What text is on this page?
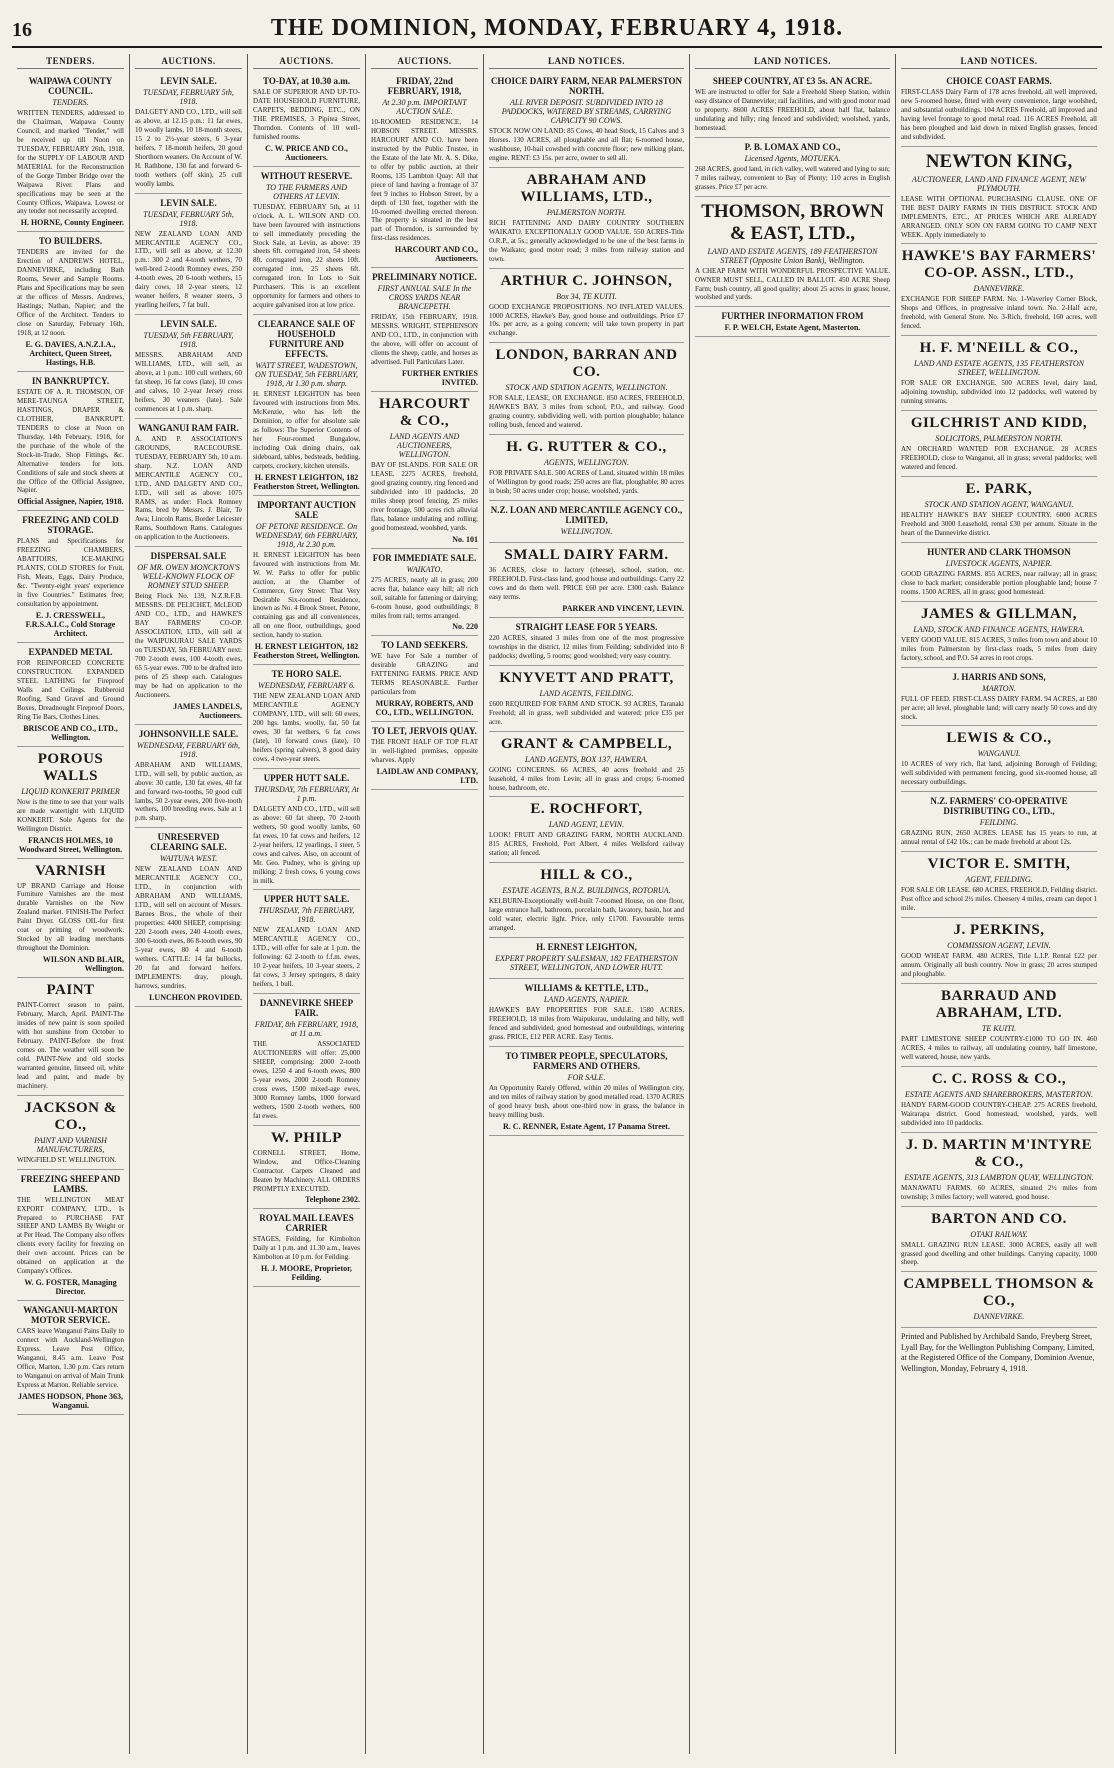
16	THE DOMINION, MONDAY, FEBRUARY 4, 1918.
TENDERS.
WAIPAWA COUNTY COUNCIL.
TENDERS.
WRITTEN TENDERS, addressed to the Chairman, Waipawa County Council, and marked "Tender," will be received up till Noon on TUESDAY, FEBRUARY 26th, 1918, for the SUPPLY OF LABOUR AND MATERIAL for the Reconstruction of the Gorge Timber Bridge over the Waipawa River. Plans and specifications may be seen at the County Offices, Waipawa. Lowest or any tender not necessarily accepted.
H. HORNE, County Engineer.
TO BUILDERS.
TENDERS are invited for the Erection of ANDREWS HOTEL, DANNEVIRKE, including Bath Rooms, Sewer and Sample Rooms. Plans and Specifications may be seen at the offices of Messrs. Andrews, Hastings; Nathan, Napier; and the Office of the Architect. Tenders to close on Saturday, February 16th, 1918, at 12 noon.
E. G. DAVIES, A.N.Z.I.A., Architect, Queen Street, Hastings, H.B.
IN BANKRUPTCY.
ESTATE OF A. R. THOMSON, OF MERE-TAUNGA STREET, HASTINGS, DRAPER & CLOTHIER, BANKRUPT. TENDERS to close at Noon on Thursday, 14th February, 1918, for the purchase of the whole of the Stock-in-Trade, Shop Fittings, &c. Alternative tenders for lots. Conditions of sale and stock sheets at the Office of the Official Assignee, Napier.
Official Assignee, Napier, 1918.
FREEZING AND COLD STORAGE.
PLANS and Specifications for FREEZING CHAMBERS, ABATTOIRS, ICE-MAKING PLANTS, COLD STORES for Fruit, Fish, Meats, Eggs, Dairy Produce, &c. "Twenty-eight years' experience in five Countries." Estimates free; consultation by appointment.
E. J. CRESSWELL, F.R.S.A.I.C., Cold Storage Architect.
EXPANDED METAL
FOR REINFORCED CONCRETE CONSTRUCTION. EXPANDED STEEL LATHING for Fireproof Walls and Ceilings. Rubberoid Roofing, Sand Gravel and Ground Boxes, Dreadnought Fireproof Doors, Ring Tie Bars, Clothes Lines.
BRISCOE AND CO., LTD., Wellington.
POROUS WALLS
LIQUID KONKERIT PRIMER
Now is the time to see that your walls are made watertight with LIQUID KONKERIT. Sole Agents for the Wellington District.
FRANCIS HOLMES, 10 Woodward Street, Wellington.
VARNISH
UP BRAND Carriage and House Furniture Varnishes are the most durable Varnishes on the New Zealand market. FINISH-The Perfect Paint Dryer. GLOSS OIL-for first coat or priming of woodwork. Stocked by all leading merchants throughout the Dominion.
WILSON AND BLAIR, Wellington.
PAINT
PAINT-Correct season to paint, February, March, April. PAINT-The insides of new paint is soon spoiled with hot sunshine from October to February. PAINT-Before the frost comes on. The weather will soon be cold. PAINT-New and old stocks warranted genuine, linseed oil, white lead and paint, and made by machinery.
JACKSON & CO.,
PAINT AND VARNISH MANUFACTURERS,
WINGFIELD ST. WELLINGTON.
FREEZING SHEEP AND LAMBS.
THE WELLINGTON MEAT EXPORT COMPANY, LTD., Is Prepared to PURCHASE FAT SHEEP AND LAMBS By Weight or at Per Head. The Company also offers clients every facility for freezing on their own account. Prices can be obtained on application at the Company's Offices.
W. G. FOSTER, Managing Director.
WANGANUI-MARTON MOTOR SERVICE.
CARS leave Wanganui Pains Daily to connect with Auckland-Wellington Express. Leave Post Office, Wanganui, 8.45 a.m. Leave Post Office, Marton, 1.30 p.m. Cars return to Wanganui on arrival of Main Trunk Express at Marton. Reliable service.
JAMES HODSON, Phone 363, Wanganui.
AUCTIONS.
LEVIN SALE.
TUESDAY, FEBRUARY 5th, 1918.
DALGETY AND CO., LTD., will sell as above, at 12.15 p.m.: 11 fat ewes, 10 woolly lambs, 10 18-month steers, 15 2 to 2½-year steers, 6 3-year heifers, 7 18-month heifers, 20 good Shorthorn weaners. On Account of W. H. Rathbone, 130 fat and forward 6-tooth wethers (off skin), 25 cull woolly lambs.
LEVIN SALE.
TUESDAY, FEBRUARY 5th, 1918.
NEW ZEALAND LOAN AND MERCANTILE AGENCY CO., LTD., will sell as above, at 12.30 p.m.: 300 2 and 4-tooth wethers, 70 well-bred 2-tooth Romney ewes, 250 4-tooth ewes, 20 6-tooth wethers, 15 dairy cows, 18 2-year steers, 12 weaner heifers, 8 weaner steers, 3 yearling heifers, 7 fat bull.
LEVIN SALE.
TUESDAY, 5th FEBRUARY, 1918.
MESSRS. ABRAHAM AND WILLIAMS, LTD., will sell, as above, at 1 p.m.: 100 cull wethers, 60 fat sheep, 16 fat cows (late), 10 cows and calves, 10 2-year Jersey cross heifers, 30 weaners (late). Sale commences at 1 p.m. sharp.
WANGANUI RAM FAIR.
A. AND P. ASSOCIATION'S GROUNDS, RACECOURSE. TUESDAY, FEBRUARY 5th, 10 a.m. sharp. N.Z. LOAN AND MERCANTILE AGENCY CO., LTD., AND DALGETY AND CO., LTD., will sell as above: 1075 RAMS, as under: Flock Romney Rams, bred by Messrs. J. Blair, Te Awa; Lincoln Rams, Border Leicester Rams, Southdown Rams. Catalogues on application to the Auctioneers.
DISPERSAL SALE
OF MR. OWEN MONCKTON'S WELL-KNOWN FLOCK OF ROMNEY STUD SHEEP.
Being Flock No. 139, N.Z.R.F.B. MESSRS. DE PELICHET, McLEOD AND CO., LTD., and HAWKE'S BAY FARMERS' CO-OP. ASSOCIATION, LTD., will sell at the WAIPUKURAU SALE YARDS on TUESDAY, 5th FEBRUARY next: 700 2-tooth ewes, 100 4-tooth ewes, 65 5-year ewes. 700 to be drafted into pens of 25 sheep each. Catalogues may be had on application to the Auctioneers.
JAMES LANDELS, Auctioneers.
JOHNSONVILLE SALE.
WEDNESDAY, FEBRUARY 6th, 1918.
ABRAHAM AND WILLIAMS, LTD., will sell, by public auction, as above: 30 cattle, 130 fat ewes, 40 fat and forward two-tooths, 50 good cull lambs, 50 2-year ewes, 200 five-tooth wethers, 100 breeding ewes. Sale at 1 p.m. sharp.
UNRESERVED CLEARING SALE.
WAITUNA WEST.
NEW ZEALAND LOAN AND MERCANTILE AGENCY CO., LTD., in conjunction with ABRAHAM AND WILLIAMS, LTD., will sell on account of Messrs. Barnes Bros., the whole of their properties: 4400 SHEEP, comprising: 220 2-tooth ewes, 240 4-tooth ewes, 300 6-tooth ewes, 86 8-tooth ewes, 90 5-year ewes, 80 4 and 6-tooth wethers. CATTLE: 14 fat bullocks, 20 fat and forward heifers. IMPLEMENTS: dray, plough, harrows, sundries.
LUNCHEON PROVIDED.
AUCTIONS.
TO-DAY, at 10.30 a.m.
SALE OF SUPERIOR AND UP-TO-DATE HOUSEHOLD FURNITURE, CARPETS, BEDDING, ETC., ON THE PREMISES, 3 Pipitea Street, Thorndon. Contents of 10 well-furnished rooms.
C. W. PRICE AND CO., Auctioneers.
WITHOUT RESERVE.
TO THE FARMERS AND OTHERS AT LEVIN.
TUESDAY, FEBRUARY 5th, at 11 o'clock. A. L. WILSON AND CO. have been favoured with instructions to sell immediately preceding the Stock Sale, at Levin, as above: 39 sheets 6ft. corrugated iron, 54 sheets 8ft. corrugated iron, 22 sheets 10ft. corrugated iron, 25 sheets 6ft. corrugated iron. In Lots to Suit Purchasers. This is an excellent opportunity for farmers and others to acquire galvanised iron at low price.
CLEARANCE SALE OF HOUSEHOLD FURNITURE AND EFFECTS.
WATT STREET, WADESTOWN, ON TUESDAY, 5th FEBRUARY, 1918, At 1.30 p.m. sharp.
H. ERNEST LEIGHTON has been favoured with instructions from Mrs. McKenzie, who has left the Dominion, to offer for absolute sale as follows: The Superior Contents of her Four-roomed Bungalow, including Oak dining chairs, oak sideboard, tables, bedsteads, bedding, carpets, crockery, kitchen utensils.
H. ERNEST LEIGHTON, 182 Featherston Street, Wellington.
IMPORTANT AUCTION SALE
OF PETONE RESIDENCE. On WEDNESDAY, 6th FEBRUARY, 1918, At 2.30 p.m.
H. ERNEST LEIGHTON has been favoured with instructions from Mr. W. W. Parks to offer for public auction, at the Chamber of Commerce, Grey Street: That Very Desirable Six-roomed Residence, known as No. 4 Brook Street, Petone, containing gas and all conveniences, all on one floor, outbuildings, good section, handy to station.
H. ERNEST LEIGHTON, 182 Featherston Street, Wellington.
TE HORO SALE.
WEDNESDAY, FEBRUARY 6.
THE NEW ZEALAND LOAN AND MERCANTILE AGENCY COMPANY, LTD., will sell: 60 ewes, 200 hgs. lambs, woolly, fat, 50 fat ewes, 30 fat wethers, 6 fat cows (late), 10 forward cows (late), 10 heifers (spring calvers), 8 good dairy cows, 4 two-year steers.
UPPER HUTT SALE.
THURSDAY, 7th FEBRUARY, At 1 p.m.
DALGETY AND CO., LTD., will sell as above: 60 fat sheep, 70 2-tooth wethers, 50 good woolly lambs, 60 fat ewes, 10 fat cows and heifers, 12 2-year heifers, 12 yearlings, 1 steer, 5 cows and calves. Also, on account of Mr. Geo. Pudney, who is giving up milking: 2 fresh cows, 6 young cows in milk.
UPPER HUTT SALE.
THURSDAY, 7th FEBRUARY, 1918.
NEW ZEALAND LOAN AND MERCANTILE AGENCY CO., LTD., will offer for sale at 1 p.m. the following: 62 2-tooth to f.f.m. ewes, 10 2-year heifers, 10 3-year steers, 2 fat cows, 3 Jersey springers, 8 dairy heifers, 1 bull.
DANNEVIRKE SHEEP FAIR.
FRIDAY, 8th FEBRUARY, 1918, at 11 a.m.
THE ASSOCIATED AUCTIONEERS will offer: 25,000 SHEEP, comprising: 2000 2-tooth ewes, 1250 4 and 6-tooth ewes, 800 5-year ewes, 2000 2-tooth Romney cross ewes, 1500 mixed-age ewes, 3000 Romney lambs, 1000 forward wethers, 1500 2-tooth wethers, 600 fat ewes.
W. PHILP
CORNELL STREET, Home, Window, and Office-Cleaning Contractor. Carpets Cleaned and Beaten by Machinery. ALL ORDERS PROMPTLY EXECUTED.
Telephone 2302.
ROYAL MAIL LEAVES CARRIER
STAGES, Feilding, for Kimbolton Daily at 1 p.m. and 11.30 a.m., leaves Kimbolton at 10 p.m. for Feilding.
H. J. MOORE, Proprietor, Feilding.
AUCTIONS.
FRIDAY, 22nd FEBRUARY, 1918,
At 2.30 p.m. IMPORTANT AUCTION SALE.
10-ROOMED RESIDENCE, 14 HOBSON STREET. MESSRS. HARCOURT AND CO. have been instructed by the Public Trustee, in the Estate of the late Mr. A. S. Dike, to offer by public auction, at their Rooms, 135 Lambton Quay: All that piece of land having a frontage of 37 feet 9 inches to Hobson Street, by a depth of 130 feet, together with the 10-roomed dwelling erected thereon. The property is situated in the best part of Thorndon, is surrounded by first-class residences.
HARCOURT AND CO., Auctioneers.
PRELIMINARY NOTICE.
FIRST ANNUAL SALE In the CROSS YARDS NEAR BRANCEPETH.
FRIDAY, 15th FEBRUARY, 1918. MESSRS. WRIGHT, STEPHENSON AND CO., LTD., in conjunction with the above, will offer on account of clients the sheep, cattle, and horses as advertised. Full Particulars Later.
FURTHER ENTRIES INVITED.
HARCOURT & CO.,
LAND AGENTS AND AUCTIONEERS, WELLINGTON.
BAY OF ISLANDS. FOR SALE OR LEASE. 2275 ACRES, freehold, good grazing country, ring fenced and subdivided into 10 paddocks, 20 miles sheep proof fencing, 25 miles river frontage, 500 acres rich alluvial flats, balance undulating and rolling; good homestead, woolshed, yards.
No. 101
FOR IMMEDIATE SALE.
WAIKATO.
275 ACRES, nearly all in grass; 200 acres flat, balance easy hill; all rich soil, suitable for fattening or dairying; 6-room house, good outbuildings; 8 miles from rail; terms arranged.
No. 220
TO LAND SEEKERS.
WE have For Sale a number of desirable GRAZING and FATTENING FARMS. PRICE AND TERMS REASONABLE. Further particulars from
MURRAY, ROBERTS, AND CO., LTD., WELLINGTON.
TO LET, JERVOIS QUAY.
THE FRONT HALF OF TOP FLAT in well-lighted premises, opposite wharves. Apply
LAIDLAW AND COMPANY, LTD.
LAND NOTICES.
CHOICE DAIRY FARM, NEAR PALMERSTON NORTH.
ALL RIVER DEPOSIT. SUBDIVIDED INTO 18 PADDOCKS, WATERED BY STREAMS, CARRYING CAPACITY 90 COWS.
STOCK NOW ON LAND: 85 Cows, 40 head Stock, 15 Calves and 3 Horses. 130 ACRES, all ploughable and all flat; 6-roomed house, washhouse, 10-bail cowshed with concrete floor; new milking plant, engine. RENT: £3 15s. per acre, owner to sell all.
ABRAHAM AND WILLIAMS, LTD.,
PALMERSTON NORTH.
RICH FATTENING AND DAIRY COUNTRY SOUTHERN WAIKATO. EXCEPTIONALLY GOOD VALUE. 550 ACRES-Title O.R.P., at 5s.; generally acknowledged to be one of the best farms in the Waikato; good motor road; 3 miles from railway station and town.
ARTHUR C. JOHNSON,
Box 34, TE KUITI.
GOOD EXCHANGE PROPOSITIONS. NO INFLATED VALUES. 1000 ACRES, Hawke's Bay, good house and outbuildings. Price £7 10s. per acre, as a going concern; will take town property in part exchange.
LONDON, BARRAN AND CO.
STOCK AND STATION AGENTS, WELLINGTON.
FOR SALE, LEASE, OR EXCHANGE. 850 ACRES, FREEHOLD, HAWKE'S BAY, 3 miles from school, P.O., and railway. Good grazing country, subdividing well, with portion ploughable; balance rolling bush, fenced and watered.
H. G. RUTTER & CO.,
AGENTS, WELLINGTON.
FOR PRIVATE SALE. 500 ACRES of Land, situated within 18 miles of Wellington by good roads; 250 acres are flat, ploughable; 80 acres in bush; 50 acres under crop; house, woolshed, yards.
N.Z. LOAN AND MERCANTILE AGENCY CO., LIMITED,
WELLINGTON.
SMALL DAIRY FARM.
36 ACRES, close to factory (cheese), school, station, etc. FREEHOLD. First-class land, good house and outbuildings. Carry 22 cows and do them well. PRICE £60 per acre. £300 cash. Balance easy terms.
PARKER AND VINCENT, LEVIN.
STRAIGHT LEASE FOR 5 YEARS.
220 ACRES, situated 3 miles from one of the most progressive townships in the district, 12 miles from Feilding; subdivided into 8 paddocks; dwelling, 5 rooms; good woolshed; very easy country.
KNYVETT AND PRATT,
LAND AGENTS, FEILDING.
£600 REQUIRED FOR FARM AND STOCK. 93 ACRES, Taranaki Freehold; all in grass, well subdivided and watered; price £35 per acre.
GRANT & CAMPBELL,
LAND AGENTS, BOX 137, HAWERA.
GOING CONCERNS. 66 ACRES, 40 acres freehold and 25 leasehold, 4 miles from Levin; all in grass and crops; 6-roomed house, bathroom, etc.
E. ROCHFORT,
LAND AGENT, LEVIN.
LOOK! FRUIT AND GRAZING FARM, NORTH AUCKLAND. 815 ACRES, Freehold, Port Albert, 4 miles Wellsford railway station; all fenced.
HILL & CO.,
ESTATE AGENTS, B.N.Z. BUILDINGS, ROTORUA.
KELBURN-Exceptionally well-built 7-roomed House, on one floor, large entrance hall, bathroom, porcelain bath, lavatory, basin, hot and cold water, electric light. Price, only £1700. Favourable terms arranged.
H. ERNEST LEIGHTON,
EXPERT PROPERTY SALESMAN, 182 FEATHERSTON STREET, WELLINGTON, AND LOWER HUTT.
WILLIAMS & KETTLE, LTD.,
LAND AGENTS, NAPIER.
HAWKE'S BAY PROPERTIES FOR SALE. 1580 ACRES, FREEHOLD, 18 miles from Waipukurau, undulating and hilly, well fenced and subdivided, good homestead and outbuildings, wintering grass. PRICE, £12 PER ACRE. Easy Terms.
TO TIMBER PEOPLE, SPECULATORS, FARMERS AND OTHERS.
FOR SALE.
An Opportunity Rarely Offered, within 20 miles of Wellington city, and ten miles of railway station by good metalled road. 1370 ACRES of good heavy bush, about one-third now in grass, the balance in heavy milling bush.
R. C. RENNER, Estate Agent, 17 Panama Street.
LAND NOTICES.
SHEEP COUNTRY, AT £3 5s. AN ACRE.
WE are instructed to offer for Sale a Freehold Sheep Station, within easy distance of Dannevirke; rail facilities, and with good motor road to property. 8600 ACRES FREEHOLD, about half flat, balance undulating and hilly; ring fenced and subdivided; woolshed, yards, homestead.
P. B. LOMAX AND CO.,
Licensed Agents, MOTUEKA.
268 ACRES, good land, in rich valley, well watered and lying to sun; 7 miles railway, convenient to Bay of Plenty; 110 acres in English grasses. Price £7 per acre.
THOMSON, BROWN & EAST, LTD.,
LAND AND ESTATE AGENTS, 189 FEATHERSTON STREET (Opposite Union Bank), Wellington.
A CHEAP FARM WITH WONDERFUL PROSPECTIVE VALUE. OWNER MUST SELL, CALLED IN BALLOT. 450 ACRE Sheep Farm; bush country, all good quality; about 25 acres in grass; house, woolshed and yards.
FURTHER INFORMATION FROM
F. P. WELCH, Estate Agent, Masterton.
LAND NOTICES.
CHOICE COAST FARMS.
FIRST-CLASS Dairy Farm of 178 acres freehold, all well improved, new 5-roomed house, fitted with every convenience, large woolshed, and substantial outbuildings. 104 ACRES Freehold, all improved and having level frontage to good metal road. 116 ACRES Freehold, all has been ploughed and laid down in mixed English grasses, fenced and subdivided.
NEWTON KING,
AUCTIONEER, LAND AND FINANCE AGENT, NEW PLYMOUTH.
LEASE WITH OPTIONAL PURCHASING CLAUSE. ONE OF THE BEST DAIRY FARMS IN THIS DISTRICT. STOCK AND IMPLEMENTS, ETC., AT PRICES WHICH ARE ALREADY ARRANGED. ONLY SON ON FARM GOING TO CAMP NEXT WEEK. Apply immediately to
HAWKE'S BAY FARMERS' CO-OP. ASSN., LTD.,
DANNEVIRKE.
EXCHANGE FOR SHEEP FARM. No. 1-Waverley Corner Block, Shops and Offices, in progressive inland town. No. 2-Half acre, freehold, with General Store. No. 3-Rich, freehold, 160 acres, well fenced.
H. F. M'NEILL & CO.,
LAND AND ESTATE AGENTS, 135 FEATHERSTON STREET, WELLINGTON.
FOR SALE OR EXCHANGE. 500 ACRES level, dairy land, adjoining township, subdivided into 12 paddocks, well watered by running streams.
GILCHRIST AND KIDD,
SOLICITORS, PALMERSTON NORTH.
AN ORCHARD WANTED FOR EXCHANGE. 28 ACRES FREEHOLD, close to Wanganui, all in grass; several paddocks; well watered and fenced.
E. PARK,
STOCK AND STATION AGENT, WANGANUI.
HEALTHY HAWKE'S BAY SHEEP COUNTRY. 6000 ACRES Freehold and 3000 Leasehold, rental £30 per annum. Situate in the heart of the Dannevirke district.
HUNTER AND CLARK THOMSON
LIVESTOCK AGENTS, NAPIER.
GOOD GRAZING FARMS. 855 ACRES, near railway; all in grass; close to back market; considerable portion ploughable land; house 7 rooms. 1500 ACRES, all in grass; good homestead.
JAMES & GILLMAN,
LAND, STOCK AND FINANCE AGENTS, HAWERA.
VERY GOOD VALUE. 815 ACRES, 3 miles from town and about 10 miles from Palmerston by first-class roads, 5 miles from dairy factory, school, and P.O. 54 acres in root crops.
J. HARRIS AND SONS,
MARTON.
FULL OF FEED. FIRST-CLASS DAIRY FARM. 94 ACRES, at £80 per acre; all level, ploughable land; will carry nearly 50 cows and dry stock.
LEWIS & CO.,
WANGANUI.
10 ACRES of very rich, flat land, adjoining Borough of Feilding; well subdivided with permanent fencing, good six-roomed house, all necessary outbuildings.
N.Z. FARMERS' CO-OPERATIVE DISTRIBUTING CO., LTD.,
FEILDING.
GRAZING RUN, 2650 ACRES. LEASE has 15 years to run, at annual rental of £42 10s.; can be made freehold at about 12s.
VICTOR E. SMITH,
AGENT, FEILDING.
FOR SALE OR LEASE. 680 ACRES, FREEHOLD, Feilding district. Post office and school 2½ miles. Cheesery 4 miles, cream can depot 1 mile.
J. PERKINS,
COMMISSION AGENT, LEVIN.
GOOD WHEAT FARM. 480 ACRES, Title L.I.P. Rental £22 per annum. Originally all bush country. Now in grass; 20 acres stumped and ploughable.
BARRAUD AND ABRAHAM, LTD.
TE KUITI.
PART LIMESTONE SHEEP COUNTRY-£1000 TO GO IN. 460 ACRES, 4 miles to railway, all undulating country, half limestone, well watered, house, new yards.
C. C. ROSS & CO.,
ESTATE AGENTS AND SHAREBROKERS, MASTERTON.
HANDY FARM-GOOD COUNTRY-CHEAP. 275 ACRES freehold, Wairarapa district. Good homestead, woolshed, yards, well subdivided into 10 paddocks.
J. D. MARTIN M'INTYRE & CO.,
ESTATE AGENTS, 313 LAMBTON QUAY, WELLINGTON.
MANAWATU FARMS. 60 ACRES, situated 2½ miles from township; 3 miles factory; well watered, good house.
BARTON AND CO.
OTAKI RAILWAY.
SMALL GRAZING RUN LEASE. 3000 ACRES, easily all well grassed good dwelling and other buildings. Carrying capacity, 1000 sheep.
CAMPBELL THOMSON & CO.,
DANNEVIRKE.
Printed and Published by Archibald Sando, Freyberg Street, Lyall Bay, for the Wellington Publishing Company, Limited, at the Registered Office of the Company, Dominion Avenue, Wellington, Monday, February 4, 1918.
